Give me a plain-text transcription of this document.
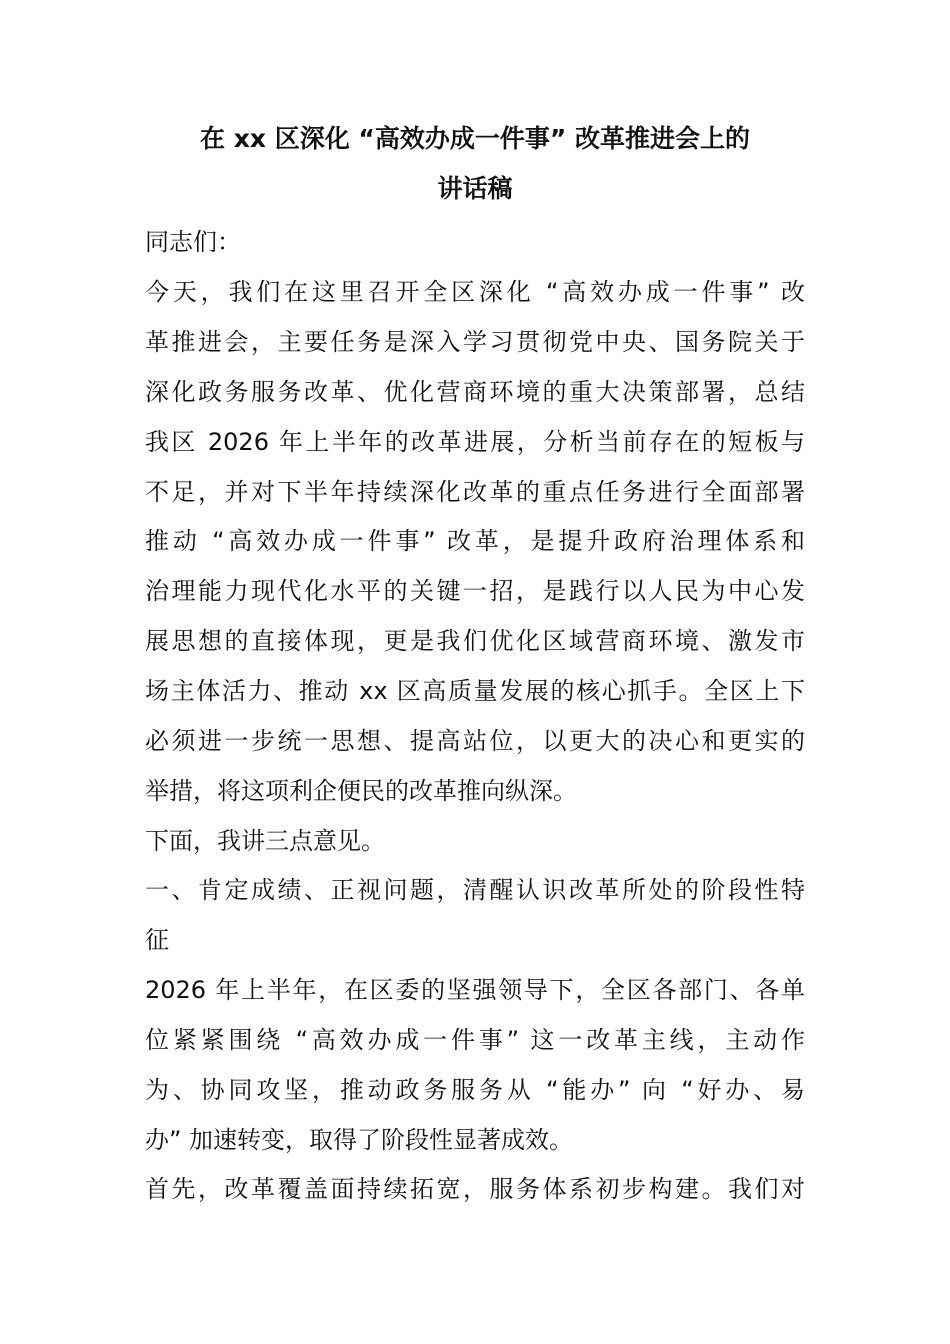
在 xx 区深化 “高效办成一件事” 改革推进会上的
讲话稿
同志们：
今天，我们在这里召开全区深化 “高效办成一件事” 改
革推进会，主要任务是深入学习贯彻党中央、国务院关于
深化政务服务改革、优化营商环境的重大决策部署，总结
我区 2026 年上半年的改革进展，分析当前存在的短板与
不足，并对下半年持续深化改革的重点任务进行全面部署
推动 “高效办成一件事” 改革，是提升政府治理体系和
治理能力现代化水平的关键一招，是践行以人民为中心发
展思想的直接体现，更是我们优化区域营商环境、激发市
场主体活力、推动 xx 区高质量发展的核心抓手。全区上下
必须进一步统一思想、提高站位，以更大的决心和更实的
举措，将这项利企便民的改革推向纵深。
下面，我讲三点意见。
一、肯定成绩、正视问题，清醒认识改革所处的阶段性特
征
2026 年上半年，在区委的坚强领导下，全区各部门、各单
位紧紧围绕 “高效办成一件事” 这一改革主线，主动作
为、协同攻坚，推动政务服务从 “能办” 向 “好办、易
办” 加速转变，取得了阶段性显著成效。
首先，改革覆盖面持续拓宽，服务体系初步构建。我们对
